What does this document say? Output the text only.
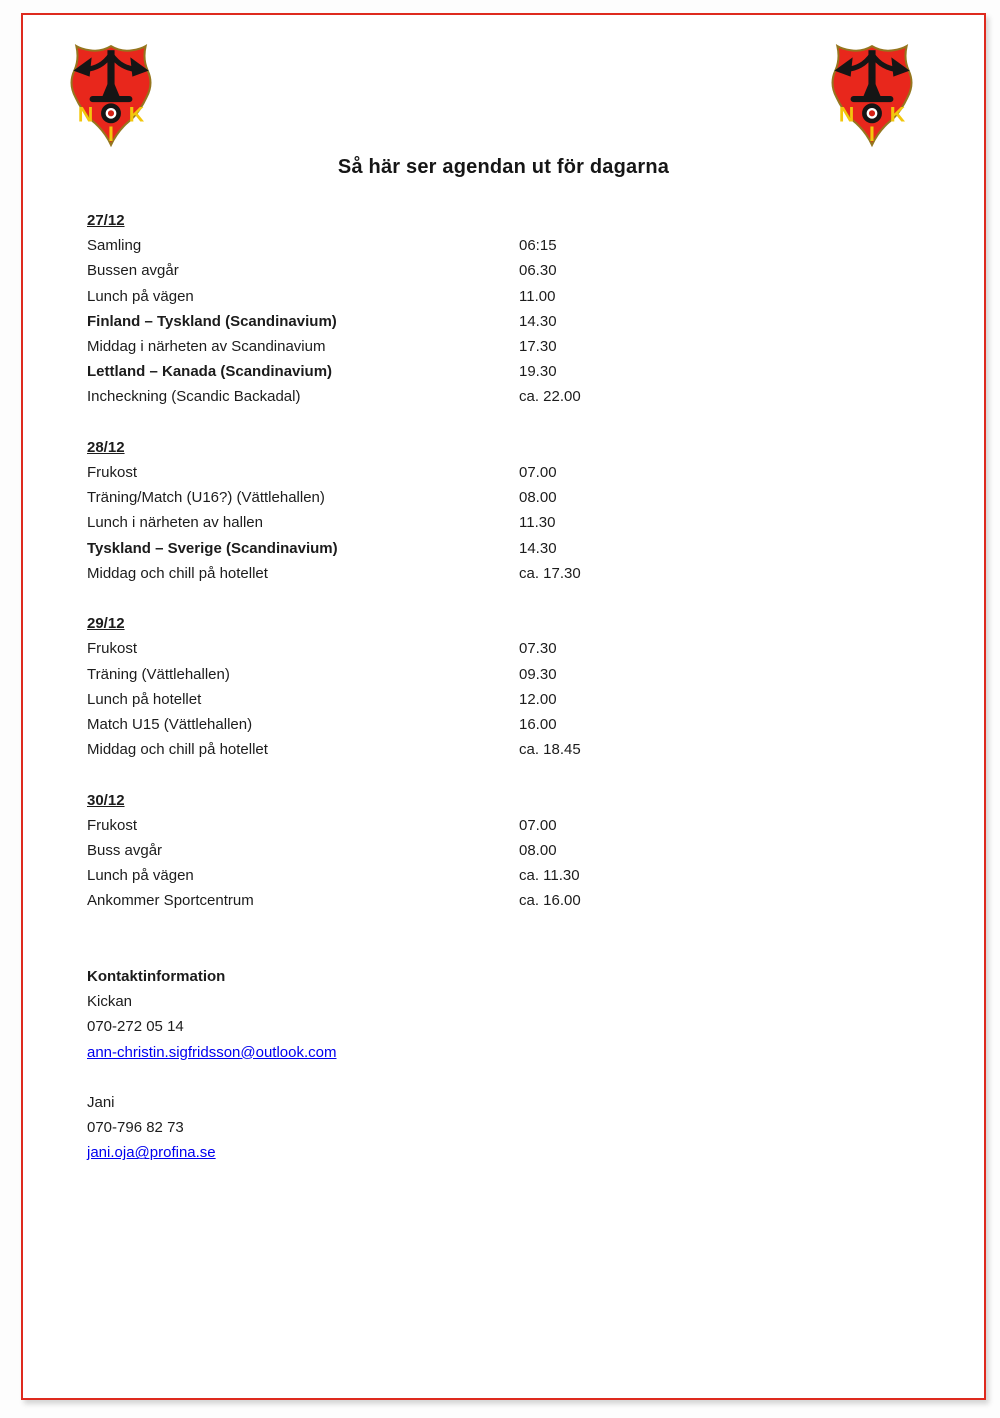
N K
I
N K
I
Så här ser agendan ut för dagarna
27/12
Samling	06:15
Bussen avgår	06.30
Lunch på vägen	11.00
Finland – Tyskland (Scandinavium)	14.30
Middag i närheten av Scandinavium	17.30
Lettland – Kanada (Scandinavium)	19.30
Incheckning (Scandic Backadal)	ca. 22.00
28/12
Frukost	07.00
Träning/Match (U16?) (Vättlehallen)	08.00
Lunch i närheten av hallen	11.30
Tyskland – Sverige (Scandinavium)	14.30
Middag och chill på hotellet	ca. 17.30
29/12
Frukost	07.30
Träning (Vättlehallen)	09.30
Lunch på hotellet	12.00
Match U15 (Vättlehallen)	16.00
Middag och chill på hotellet	ca. 18.45
30/12
Frukost	07.00
Buss avgår	08.00
Lunch på vägen	ca. 11.30
Ankommer Sportcentrum	ca. 16.00
Kontaktinformation
Kickan
070-272 05 14
ann-christin.sigfridsson@outlook.com
Jani
070-796 82 73
jani.oja@profina.se
